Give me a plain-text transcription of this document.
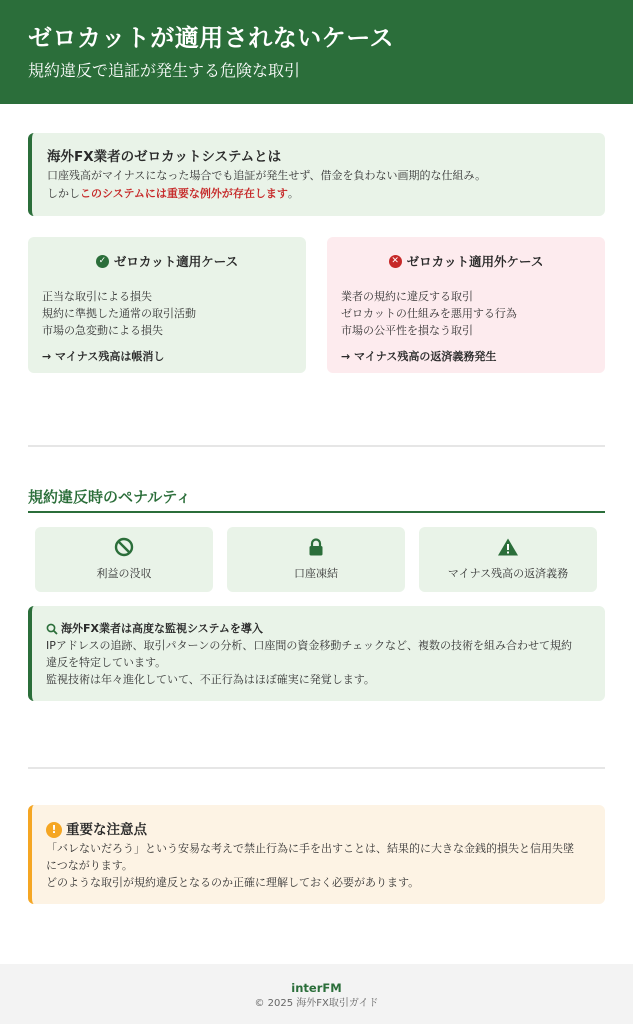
ゼロカットが適用されないケース
規約違反で追証が発生する危険な取引
海外FX業者のゼロカットシステムとは
口座残高がマイナスになった場合でも追証が発生せず、借金を負わない画期的な仕組み。
しかしこのシステムには重要な例外が存在します。
✓ ゼロカット適用ケース
正当な取引による損失
規約に準拠した通常の取引活動
市場の急変動による損失
→ マイナス残高は帳消し
✕ ゼロカット適用外ケース
業者の規約に違反する取引
ゼロカットの仕組みを悪用する行為
市場の公平性を損なう取引
→ マイナス残高の返済義務発生
規約違反時のペナルティ
利益の没収	口座凍結	マイナス残高の返済義務
海外FX業者は高度な監視システムを導入
IPアドレスの追跡、取引パターンの分析、口座間の資金移動チェックなど、複数の技術を組み合わせて規約
違反を特定しています。
監視技術は年々進化していて、不正行為はほぼ確実に発覚します。
! 重要な注意点
「バレないだろう」という安易な考えで禁止行為に手を出すことは、結果的に大きな金銭的損失と信用失墜
につながります。
どのような取引が規約違反となるのか正確に理解しておく必要があります。
interFM
© 2025 海外FX取引ガイド
